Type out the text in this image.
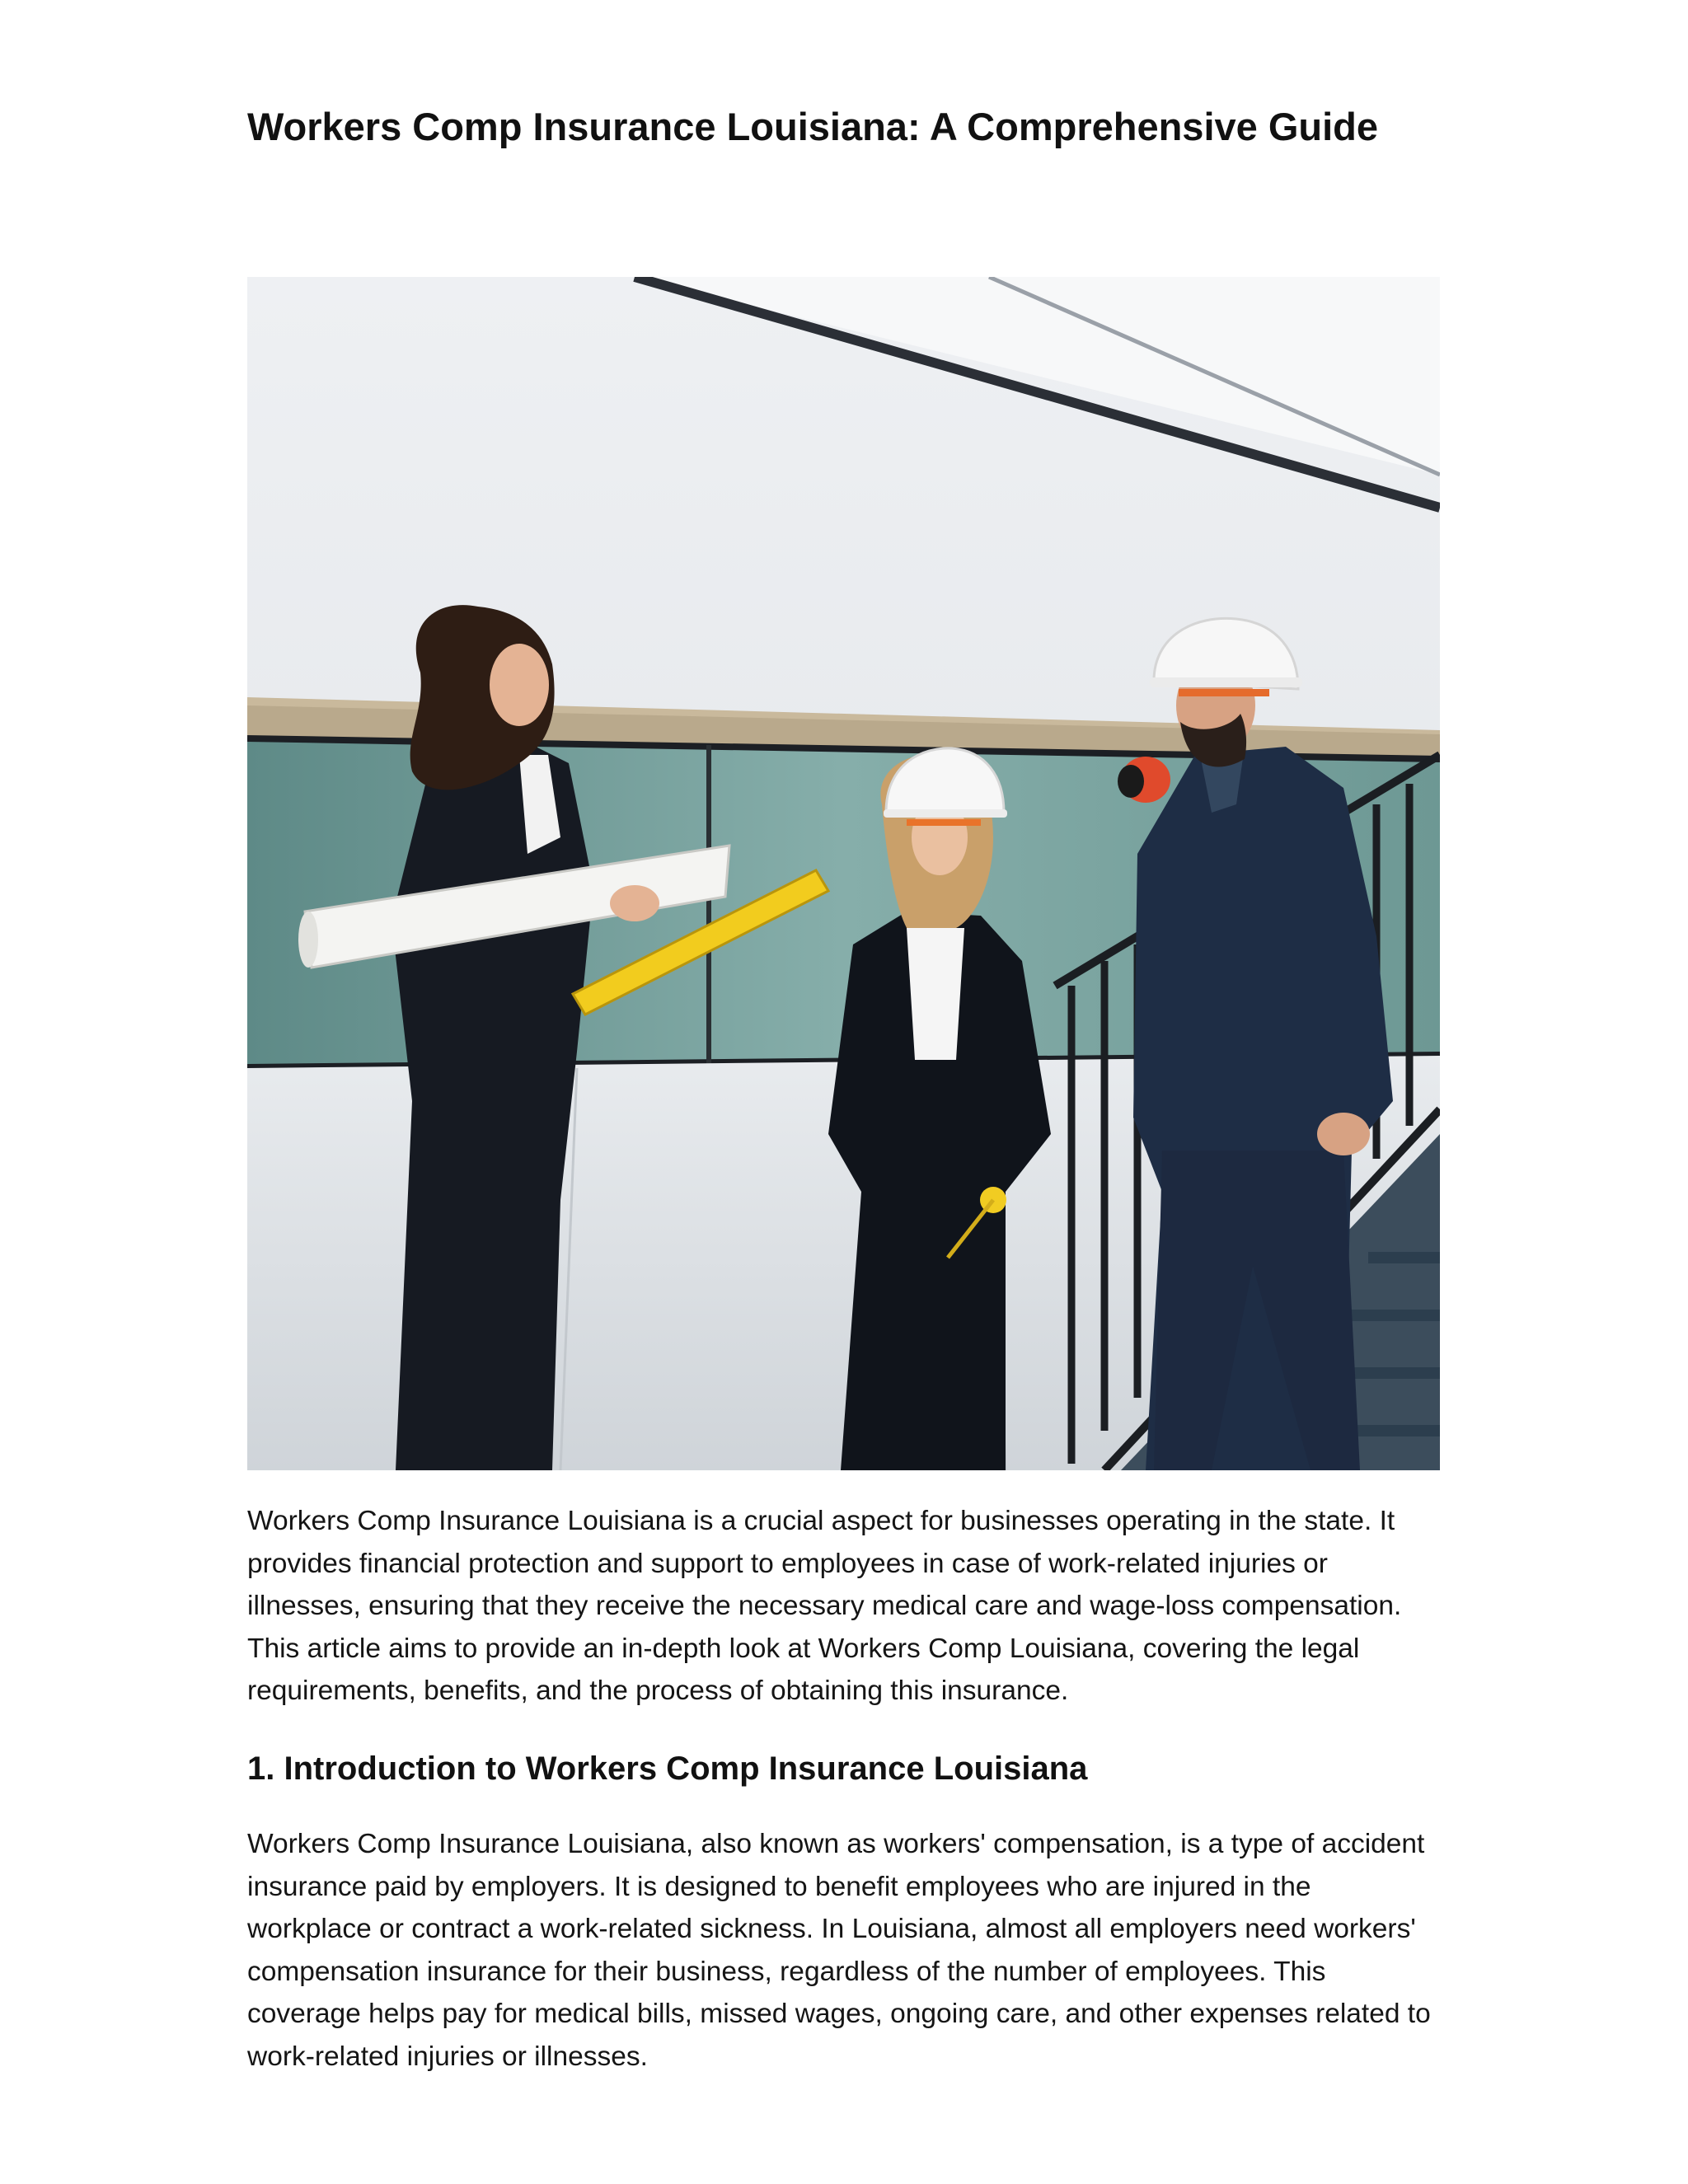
Workers Comp Insurance Louisiana: A Comprehensive Guide

Workers Comp Insurance Louisiana is a crucial aspect for businesses operating in the state. It provides financial protection and support to employees in case of work-related injuries or illnesses, ensuring that they receive the necessary medical care and wage-loss compensation. This article aims to provide an in-depth look at Workers Comp Louisiana, covering the legal requirements, benefits, and the process of obtaining this insurance.

1. Introduction to Workers Comp Insurance Louisiana

Workers Comp Insurance Louisiana, also known as workers' compensation, is a type of accident insurance paid by employers. It is designed to benefit employees who are injured in the workplace or contract a work-related sickness. In Louisiana, almost all employers need workers' compensation insurance for their business, regardless of the number of employees. This coverage helps pay for medical bills, missed wages, ongoing care, and other expenses related to work-related injuries or illnesses.
